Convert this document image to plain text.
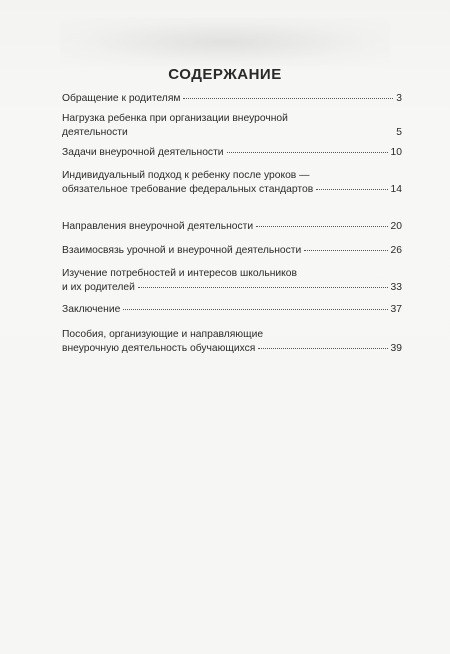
СОДЕРЖАНИЕ
Обращение к родителям	3
Нагрузка ребенка при организации внеурочной
деятельности	5
Задачи внеурочной деятельности	10
Индивидуальный подход к ребенку после уроков —
обязательное требование федеральных стандартов	14
Направления внеурочной деятельности	20
Взаимосвязь урочной и внеурочной деятельности	26
Изучение потребностей и интересов школьников
и их родителей	33
Заключение	37
Пособия, организующие и направляющие
внеурочную деятельность обучающихся	39
